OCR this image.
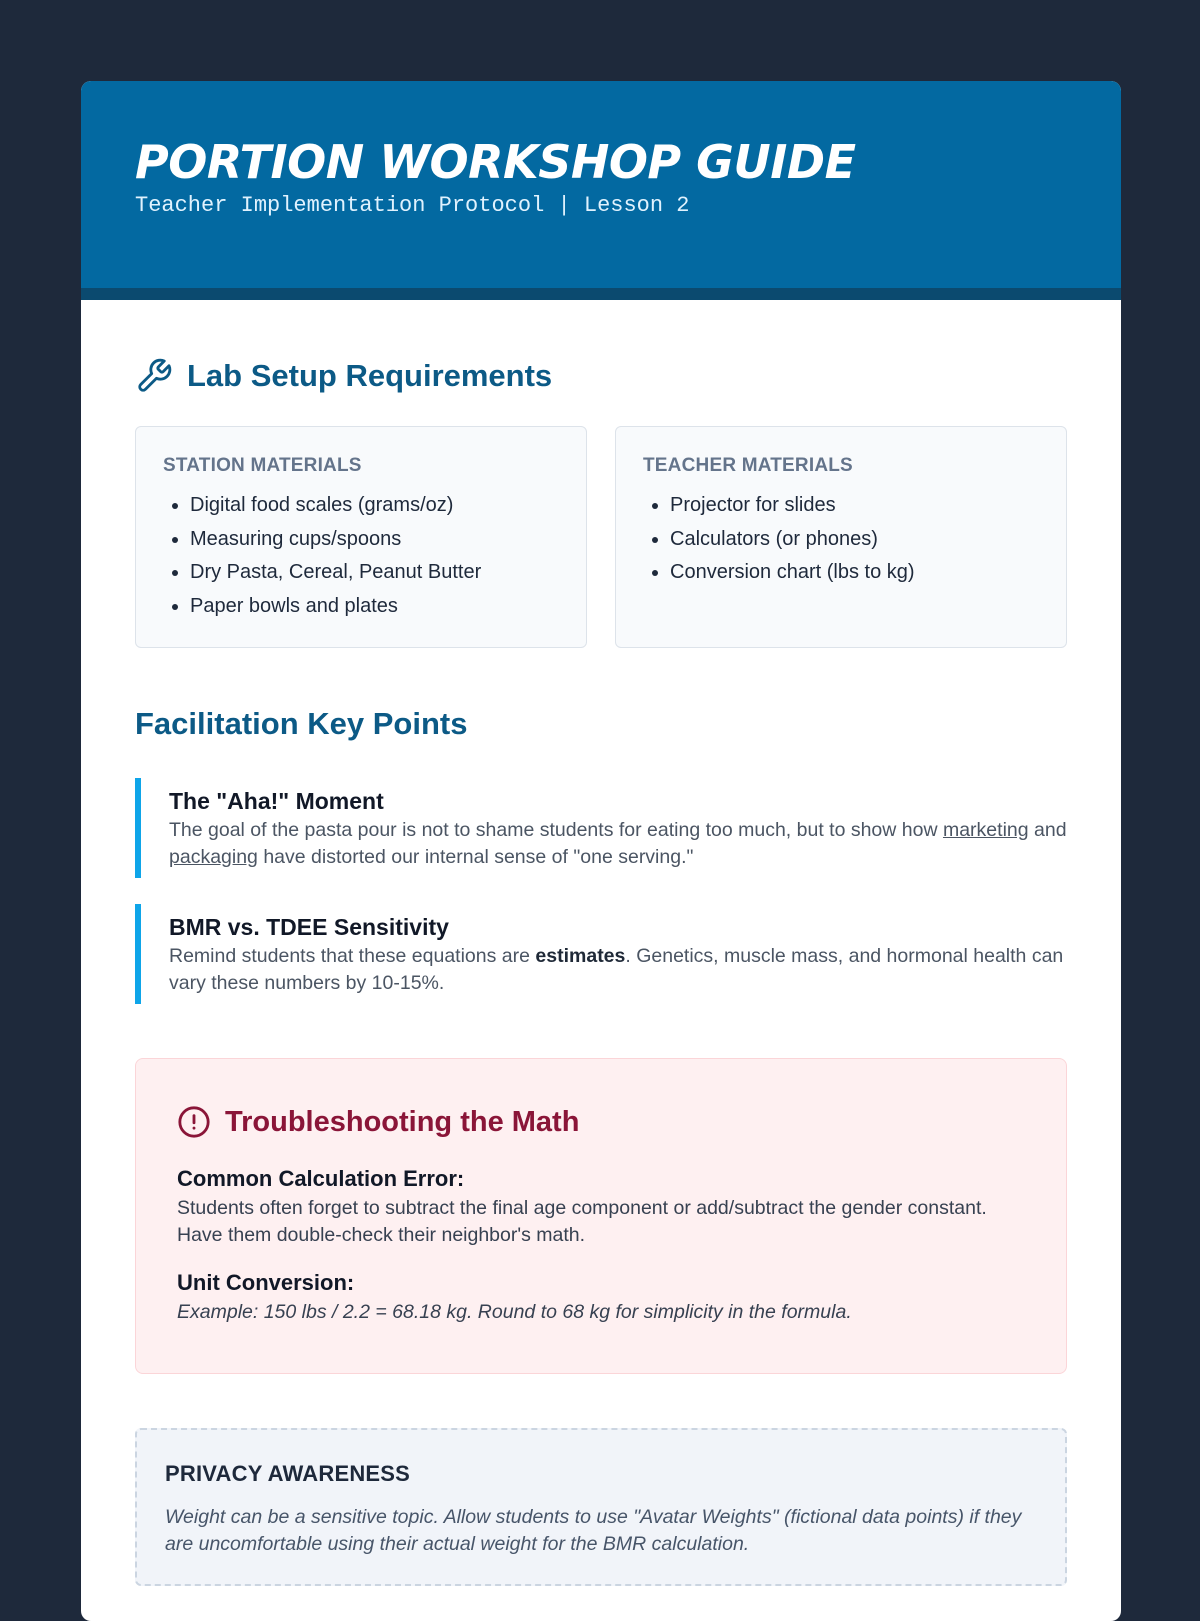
PORTION WORKSHOP GUIDE
Teacher Implementation Protocol | Lesson 2
Lab Setup Requirements
STATION MATERIALS
• Digital food scales (grams/oz)
• Measuring cups/spoons
• Dry Pasta, Cereal, Peanut Butter
• Paper bowls and plates
TEACHER MATERIALS
• Projector for slides
• Calculators (or phones)
• Conversion chart (lbs to kg)
Facilitation Key Points
The "Aha!" Moment

The goal of the pasta pour is not to shame students for eating too much, but to show how marketing and packaging have distorted our internal sense of "one serving."

BMR vs. TDEE Sensitivity

Remind students that these equations are estimates. Genetics, muscle mass, and hormonal health can vary these numbers by 10-15%.

Troubleshooting the Math
Common Calculation Error:

Students often forget to subtract the final age component or add/subtract the gender constant. Have them double-check their neighbor's math.

Unit Conversion:

Example: 150 lbs / 2.2 = 68.18 kg. Round to 68 kg for simplicity in the formula.

PRIVACY AWARENESS

Weight can be a sensitive topic. Allow students to use "Avatar Weights" (fictional data points) if they are uncomfortable using their actual weight for the BMR calculation.
